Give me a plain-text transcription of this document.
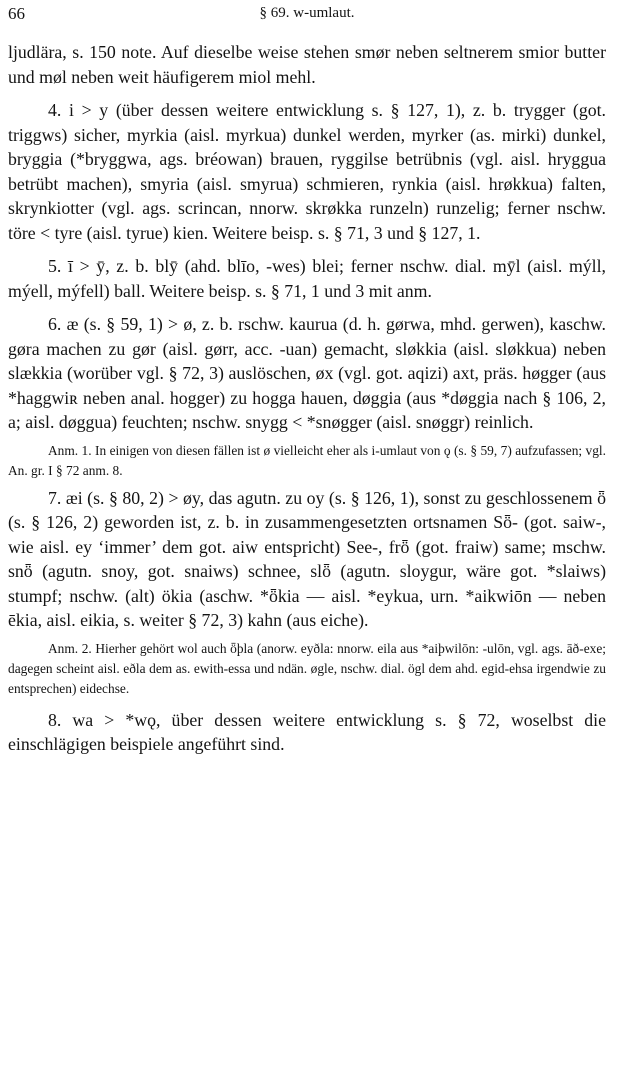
66	§ 69. w-umlaut.

ljudlära, s. 150 note. Auf dieselbe weise stehen smør neben seltnerem smior butter und møl neben weit häufigerem miol mehl.

4. i > y (über dessen weitere entwicklung s. § 127, 1), z. b. trygger (got. triggws) sicher, myrkia (aisl. myrkua) dunkel werden, myrker (as. mirki) dunkel, bryggia (*bryggwa, ags. bréowan) brauen, ryggilse betrübnis (vgl. aisl. hryggua betrübt machen), smyria (aisl. smyrua) schmieren, rynkia (aisl. hrøkkua) falten, skrynkiotter (vgl. ags. scrincan, nnorw. skrøkka runzeln) runzelig; ferner nschw. töre < tyre (aisl. tyrue) kien. Weitere beisp. s. § 71, 3 und § 127, 1.

5. ī > ȳ, z. b. blȳ (ahd. blīo, -wes) blei; ferner nschw. dial. mȳl (aisl. mýll, mýell, mýfell) ball. Weitere beisp. s. § 71, 1 und 3 mit anm.

6. æ (s. § 59, 1) > ø, z. b. rschw. kaurua (d. h. gørwa, mhd. gerwen), kaschw. gøra machen zu gør (aisl. gørr, acc. -uan) gemacht, sløkkia (aisl. sløkkua) neben slækkia (worüber vgl. § 72, 3) auslöschen, øx (vgl. got. aqizi) axt, präs. høgger (aus *haggwiʀ neben anal. hogger) zu hogga hauen, døggia (aus *døggia nach § 106, 2, a; aisl. døggua) feuchten; nschw. snygg < *snøgger (aisl. snøggr) reinlich.

Anm. 1. In einigen von diesen fällen ist ø vielleicht eher als i-umlaut von ǫ (s. § 59, 7) aufzufassen; vgl. An. gr. I § 72 anm. 8.

7. æi (s. § 80, 2) > øy, das agutn. zu oy (s. § 126, 1), sonst zu geschlossenem ȫ (s. § 126, 2) geworden ist, z. b. in zusammengesetzten ortsnamen Sȫ- (got. saiw-, wie aisl. ey ‘immer’ dem got. aiw entspricht) See-, frȫ (got. fraiw) same; mschw. snȫ (agutn. snoy, got. snaiws) schnee, slȫ (agutn. sloygur, wäre got. *slaiws) stumpf; nschw. (alt) ökia (aschw. *ȫkia — aisl. *eykua, urn. *aikwiōn — neben ēkia, aisl. eikia, s. weiter § 72, 3) kahn (aus eiche).

Anm. 2. Hierher gehört wol auch ȫþla (anorw. eyðla: nnorw. eila aus *aiþwilōn: -ulōn, vgl. ags. āð-exe; dagegen scheint aisl. eðla dem as. ewith-essa und ndän. øgle, nschw. dial. ögl dem ahd. egid-ehsa irgendwie zu entsprechen) eidechse.

8. wa > *wǫ, über dessen weitere entwicklung s. § 72, woselbst die einschlägigen beispiele angeführt sind.
